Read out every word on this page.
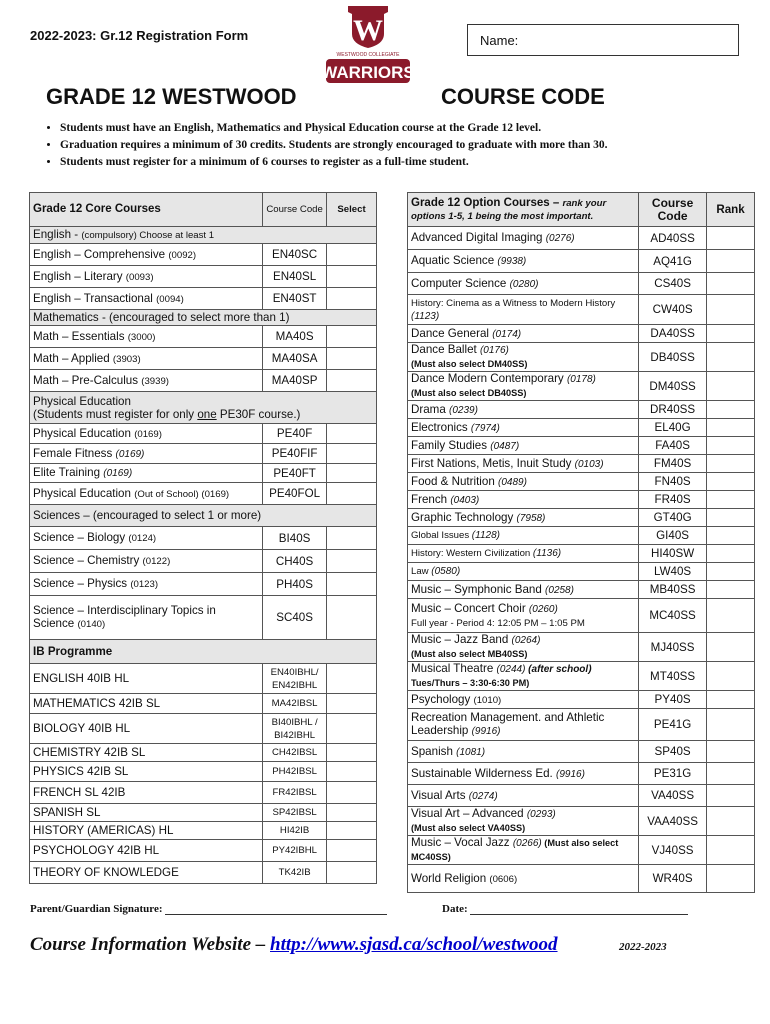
2022-2023: Gr.12 Registration Form	W
WESTWOOD COLLEGIATE
WARRIORS
Name:
GRADE 12 WESTWOOD	COURSE CODE
• Students must have an English, Mathematics and Physical Education course at the Grade 12 level.
• Graduation requires a minimum of 30 credits. Students are strongly encouraged to graduate with more than 30.
• Students must register for a minimum of 6 courses to register as a full-time student.
Grade 12 Core Courses	Course Code	Select
English - (compulsory) Choose at least 1		
English – Comprehensive (0092)	EN40SC	
English – Literary (0093)	EN40SL	
English – Transactional (0094)	EN40ST	
Mathematics - (encouraged to select more than 1)		
Math – Essentials (3000)	MA40S	
Math – Applied (3903)	MA40SA	
Math – Pre-Calculus (3939)	MA40SP	
Physical Education
(Students must register for only one PE30F course.)		
Physical Education (0169)	PE40F	
Female Fitness (0169)	PE40FIF	
Elite Training (0169)	PE40FT	
Physical Education (Out of School) (0169)	PE40FOL	
Sciences – (encouraged to select 1 or more)		
Science – Biology (0124)	BI40S	
Science – Chemistry (0122)	CH40S	
Science – Physics (0123)	PH40S	
Science – Interdisciplinary Topics in
Science (0140)	SC40S	
IB Programme		
ENGLISH 40IB HL	EN40IBHL/ EN42IBHL	
MATHEMATICS 42IB SL	MA42IBSL	
BIOLOGY 40IB HL	BI40IBHL / BI42IBHL	
CHEMISTRY 42IB SL	CH42IBSL	
PHYSICS 42IB SL	PH42IBSL	
FRENCH SL 42IB	FR42IBSL	
SPANISH SL	SP42IBSL	
HISTORY (AMERICAS) HL	HI42IB	
PSYCHOLOGY 42IB HL	PY42IBHL	
THEORY OF KNOWLEDGE	TK42IB	
Grade 12 Option Courses – rank your options 1-5, 1 being the most important.	Course Code	Rank
Advanced Digital Imaging (0276)	AD40SS	
Aquatic Science (9938)	AQ41G	
Computer Science (0280)	CS40S	
History: Cinema as a Witness to Modern History (1123)	CW40S	
Dance General (0174)	DA40SS	
Dance Ballet (0176)
(Must also select DM40SS)	DB40SS	
Dance Modern Contemporary (0178)
(Must also select DB40SS)	DM40SS	
Drama (0239)	DR40SS	
Electronics (7974)	EL40G	
Family Studies (0487)	FA40S	
First Nations, Metis, Inuit Study (0103)	FM40S	
Food & Nutrition (0489)	FN40S	
French (0403)	FR40S	
Graphic Technology (7958)	GT40G	
Global Issues (1128)	GI40S	
History: Western Civilization (1136)	HI40SW	
Law (0580)	LW40S	
Music – Symphonic Band (0258)	MB40SS	
Music – Concert Choir (0260)
Full year - Period 4: 12:05 PM – 1:05 PM	MC40SS	
Music – Jazz Band (0264)
(Must also select MB40SS)	MJ40SS	
Musical Theatre (0244) (after school)
Tues/Thurs – 3:30-6:30 PM)	MT40SS	
Psychology (1010)	PY40S	
Recreation Management. and Athletic Leadership (9916)	PE41G	
Spanish (1081)	SP40S	
Sustainable Wilderness Ed. (9916)	PE31G	
Visual Arts (0274)	VA40SS	
Visual Art – Advanced (0293)
(Must also select VA40SS)	VAA40SS	
Music – Vocal Jazz (0266) (Must also select MC40SS)	VJ40SS	
World Religion (0606)	WR40S	
Parent/Guardian Signature:	Date:
Course Information Website – http://www.sjasd.ca/school/westwood	2022-2023
